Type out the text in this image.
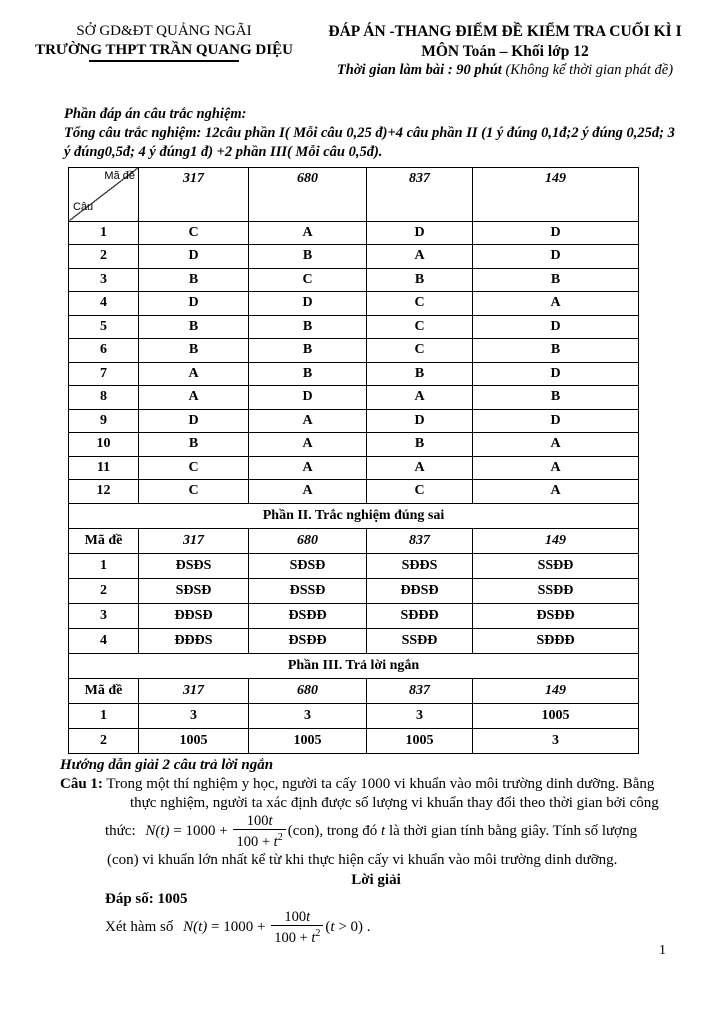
SỞ GD&ĐT QUẢNG NGÃI
TRƯỜNG THPT TRẦN QUANG DIỆU
ĐÁP ÁN -THANG ĐIỂM ĐỀ KIỂM TRA CUỐI KÌ I
MÔN Toán – Khối lớp 12
Thời gian làm bài : 90 phút (Không kể thời gian phát đề)
Phần đáp án câu trắc nghiệm:
Tổng câu trắc nghiệm: 12câu phần I( Mỗi câu 0,25 đ)+4 câu phần II (1 ý đúng 0,1đ;2 ý đúng 0,25đ; 3 ý đúng0,5đ; 4 ý đúng1 đ) +2 phần III( Mỗi câu 0,5đ).
Mã đề
Câu	317	680	837	149
1	C	A	D	D
2	D	B	A	D
3	B	C	B	B
4	D	D	C	A
5	B	B	C	D
6	B	B	C	B
7	A	B	B	D
8	A	D	A	B
9	D	A	D	D
10	B	A	B	A
11	C	A	A	A
12	C	A	C	A
Phần II. Trắc nghiệm đúng sai				
Mã đề	317	680	837	149
1	ĐSĐS	SĐSĐ	SĐĐS	SSĐĐ
2	SĐSĐ	ĐSSĐ	ĐĐSĐ	SSĐĐ
3	ĐĐSĐ	ĐSĐĐ	SĐĐĐ	ĐSĐĐ
4	ĐĐĐS	ĐSĐĐ	SSĐĐ	SĐĐĐ
Phần III. Trả lời ngắn				
Mã đề	317	680	837	149
1	3	3	3	1005
2	1005	1005	1005	3
Hướng dẫn giải 2 câu trả lời ngắn
Câu 1: Trong một thí nghiệm y học, người ta cấy 1000 vi khuẩn vào môi trường dinh dưỡng. Bằng
thực nghiệm, người ta xác định được số lượng vi khuẩn thay đổi theo thời gian bởi công
thức: N $(t) = 1000 + \frac{100t}{100 + t^2} (con)$, trong đó t là thời gian tính bằng giây. Tính số lượng
(con) vi khuẩn lớn nhất kể từ khi thực hiện cấy vi khuẩn vào môi trường dinh dưỡng.
Lời giải
Đáp số: 1005
Xét hàm số N $(t) = 1000 + \frac{100t}{100 + t^2}$ ( t > 0) .
1
